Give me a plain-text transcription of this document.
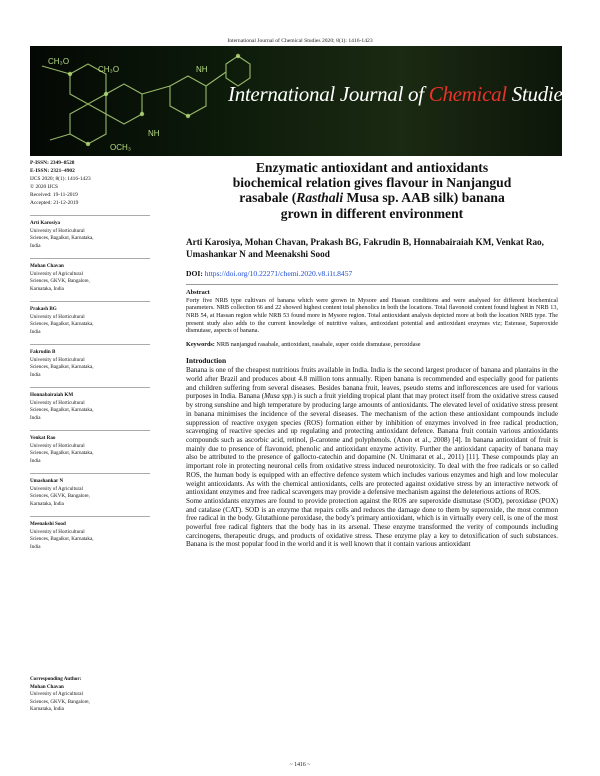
International Journal of Chemical Studies 2020; 8(1): 1416-1423
CH₃O
CH₃O	NH
NH
OCH₃
International Journal of Chemical Studies
P-ISSN: 2349–8528
E-ISSN: 2321–4902
IJCS 2020; 8(1): 1416-1423
© 2020 IJCS
Received: 19-11-2019
Accepted: 21-12-2019
Arti Karosiya
University of Horticultural
Sciences, Bagalkot, Karnataka,
India
Mohan Chavan
University of Agricultural
Sciences, GKVK, Bangalore,
Karnataka, India
Prakash BG
University of Horticultural
Sciences, Bagalkot, Karnataka,
India
Fakrudin B
University of Horticultural
Sciences, Bagalkot, Karnataka,
India
Honnabairaiah KM
University of Horticultural
Sciences, Bagalkot, Karnataka,
India
Venkat Rao
University of Horticultural
Sciences, Bagalkot, Karnataka,
India
Umashankar N
University of Agricultural
Sciences, GKVK, Bangalore,
Karnataka, India
Meenakshi Sood
University of Horticultural
Sciences, Bagalkot, Karnataka,
India
Corresponding Author:
Mohan Chavan
University of Agricultural
Sciences, GKVK, Bangalore,
Karnataka, India
Enzymatic antioxidant and antioxidants
biochemical relation gives flavour in Nanjangud
rasabale (Rasthali Musa sp. AAB silk) banana
grown in different environment
Arti Karosiya, Mohan Chavan, Prakash BG, Fakrudin B, Honnabairaiah KM, Venkat Rao, Umashankar N and Meenakshi Sood
DOI: https://doi.org/10.22271/chemi.2020.v8.i1t.8457
Abstract
Forty five NRB type cultivars of banana which were grown in Mysore and Hassan conditions and were analysed for different biochemical parameters. NRB collection 66 and 22 showed highest content total phenolics in both the locations. Total flavonoid content found highest in NRB 13, NRB 54, at Hassan region while NRB 53 found more in Mysore region. Total antioxidant analysis depicted more at both the location NRB type. The present study also adds to the current knowledge of nutritive values, antioxidant potential and antioxidant enzymes viz; Esterase, Superoxide dismutase, aspects of banana.
Keywords: NRB nanjangud rasabale, antioxidant, rasabale, super oxide dismutase, peroxidase
Introduction

Banana is one of the cheapest nutritious fruits available in India. India is the second largest producer of banana and plantains in the world after Brazil and produces about 4.8 million tons annually. Ripen banana is recommended and especially good for patients and children suffering from several diseases. Besides banana fruit, leaves, pseudo stems and inflorescences are used for various purposes in India. Banana (Musa spp.) is such a fruit yielding tropical plant that may protect itself from the oxidative stress caused by strong sunshine and high temperature by producing large amounts of antioxidants. The elevated level of oxidative stress present in banana minimises the incidence of the several diseases. The mechanism of the action these antioxidant compounds include suppression of reactive oxygen species (ROS) formation either by inhibition of enzymes involved in free radical production, scavenging of reactive species and up regulating and protecting antioxidant defence. Banana fruit contain various antioxidants compounds such as ascorbic acid, retinol, β-carotene and polyphenols. (Anon et al., 2008) [4]. In banana antioxidant of fruit is mainly due to presence of flavonoid, phenolic and antioxidant enzyme activity. Further the antioxidant capacity of banana may also be attributed to the presence of gallocto-catechin and dopamine (N. Unimarat et al., 2011) [11]. These compounds play an important role in protecting neuronal cells from oxidative stress induced neurotoxicity. To deal with the free radicals or so called ROS, the human body is equipped with an effective defence system which includes various enzymes and high and low molecular weight antioxidants. As with the chemical antioxidants, cells are protected against oxidative stress by an interactive network of antioxidant enzymes and free radical scavengers may provide a defensive mechanism against the deleterious actions of ROS.

Some antioxidants enzymes are found to provide protection against the ROS are superoxide dismutase (SOD), peroxidase (POX) and catalase (CAT). SOD is an enzyme that repairs cells and reduces the damage done to them by superoxide, the most common free radical in the body. Glutathione peroxidase, the body’s primary antioxidant, which is in virtually every cell, is one of the most powerful free radical fighters that the body has in its arsenal. These enzyme transformed the verity of compounds including carcinogens, therapeutic drugs, and products of oxidative stress. These enzyme play a key to detoxification of such substances. Banana is the most popular food in the world and it is well known that it contain various antioxidant

~ 1416 ~
